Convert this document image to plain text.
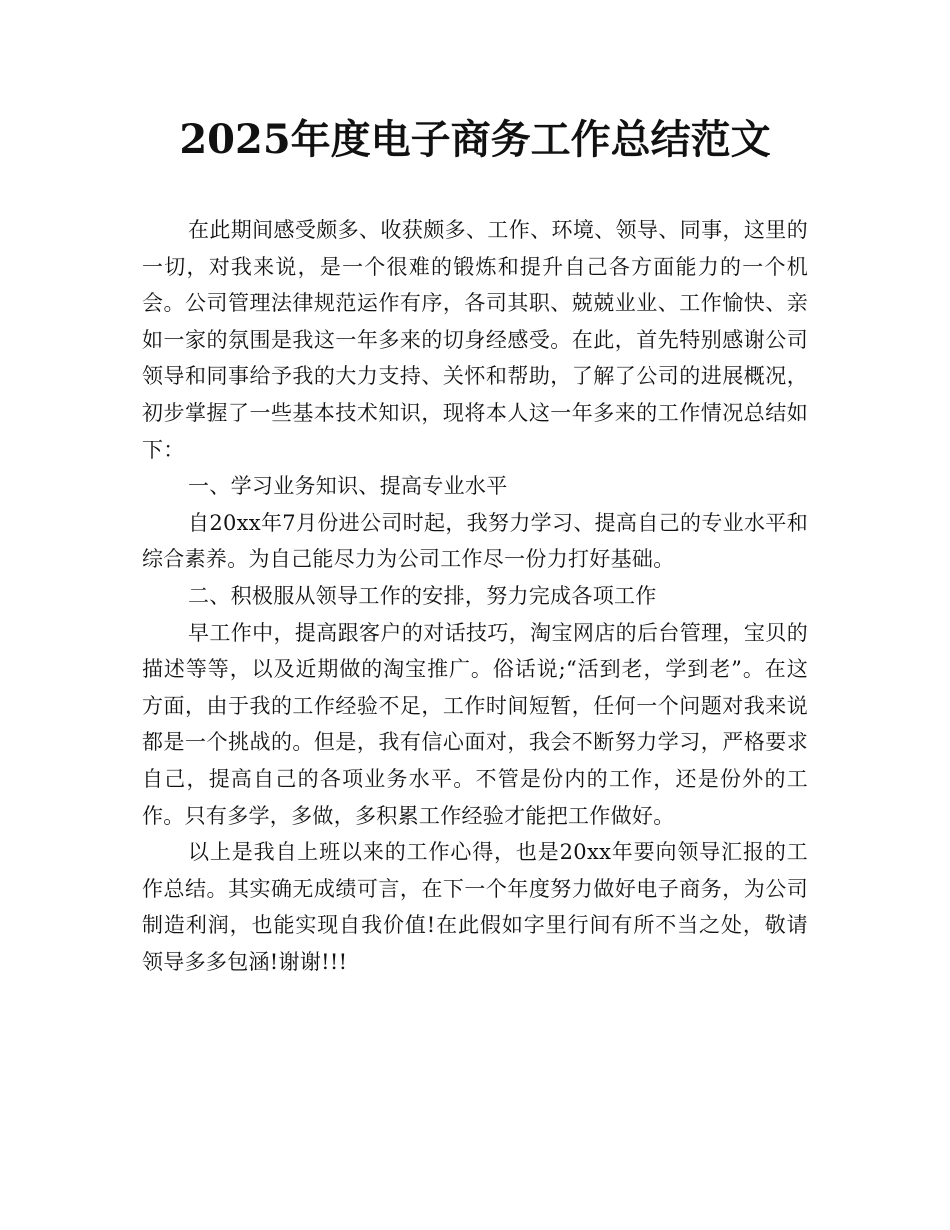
2025年度电子商务工作总结范文

在此期间感受颇多、收获颇多、工作、环境、领导、同事，这里的一切，对我来说，是一个很难的锻炼和提升自己各方面能力的一个机会。公司管理法律规范运作有序，各司其职、兢兢业业、工作愉快、亲如一家的氛围是我这一年多来的切身经感受。在此，首先特别感谢公司领导和同事给予我的大力支持、关怀和帮助，了解了公司的进展概况，初步掌握了一些基本技术知识，现将本人这一年多来的工作情况总结如下：

一、学习业务知识、提高专业水平

自20xx年7月份进公司时起，我努力学习、提高自己的专业水平和综合素养。为自己能尽力为公司工作尽一份力打好基础。

二、积极服从领导工作的安排，努力完成各项工作

早工作中，提高跟客户的对话技巧，淘宝网店的后台管理，宝贝的描述等等，以及近期做的淘宝推广。俗话说;“活到老，学到老”。在这方面，由于我的工作经验不足，工作时间短暂，任何一个问题对我来说都是一个挑战的。但是，我有信心面对，我会不断努力学习，严格要求自己，提高自己的各项业务水平。不管是份内的工作，还是份外的工作。只有多学，多做，多积累工作经验才能把工作做好。

以上是我自上班以来的工作心得，也是20xx年要向领导汇报的工作总结。其实确无成绩可言，在下一个年度努力做好电子商务，为公司制造利润，也能实现自我价值!在此假如字里行间有所不当之处，敬请领导多多包涵!谢谢!!!
